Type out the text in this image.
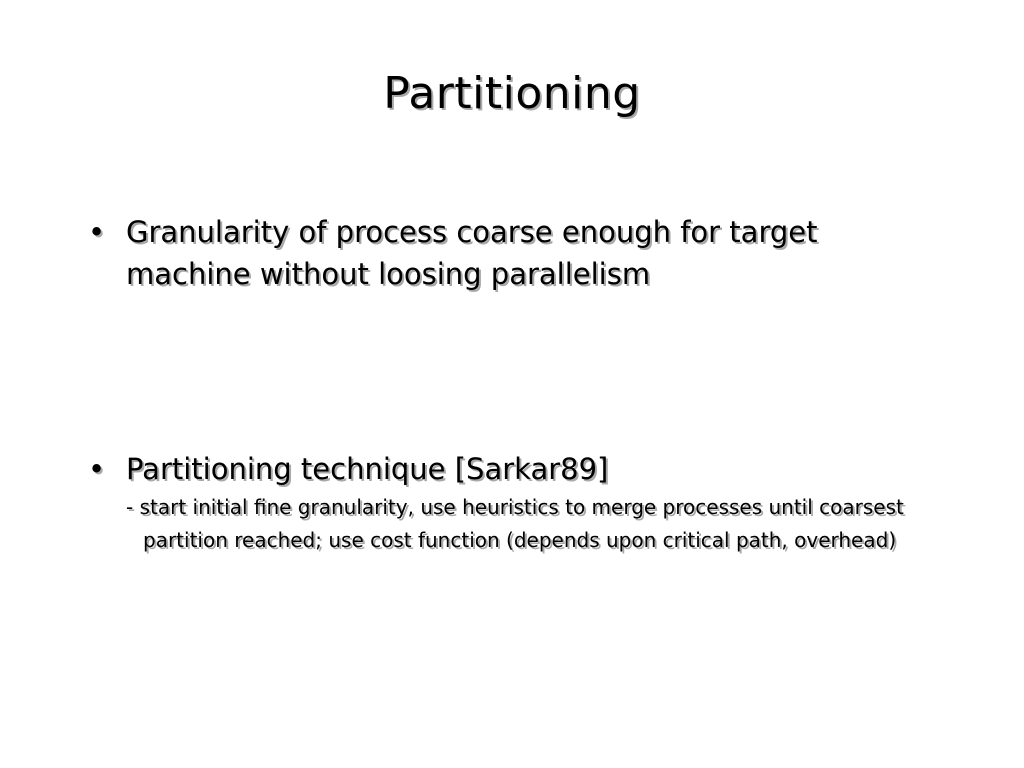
Partitioning
• Granularity of process coarse enough for target machine without loosing parallelism
• Partitioning technique [Sarkar89]
- start initial fine granularity, use heuristics to merge processes until coarsest partition reached; use cost function (depends upon critical path, overhead)
